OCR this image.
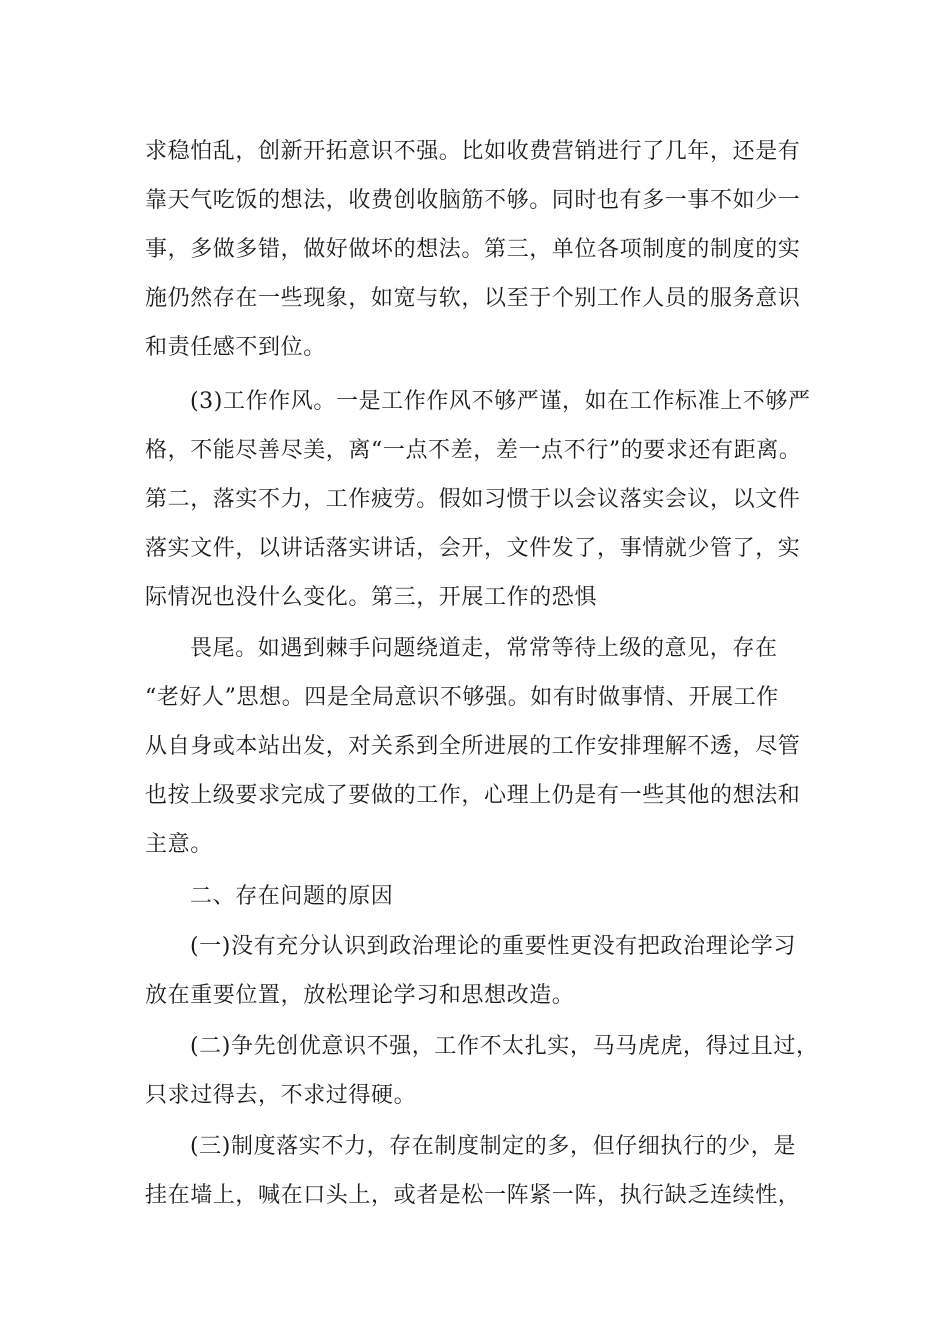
求稳怕乱，创新开拓意识不强。比如收费营销进行了几年，还是有
靠天气吃饭的想法，收费创收脑筋不够。同时也有多一事不如少一
事，多做多错，做好做坏的想法。第三，单位各项制度的制度的实
施仍然存在一些现象，如宽与软，以至于个别工作人员的服务意识
和责任感不到位。
(3)工作作风。一是工作作风不够严谨，如在工作标准上不够严
格，不能尽善尽美，离“一点不差，差一点不行”的要求还有距离。
第二，落实不力，工作疲劳。假如习惯于以会议落实会议，以文件
落实文件，以讲话落实讲话，会开，文件发了，事情就少管了，实
际情况也没什么变化。第三，开展工作的恐惧
畏尾。如遇到棘手问题绕道走，常常等待上级的意见，存在
“老好人”思想。四是全局意识不够强。如有时做事情、开展工作
从自身或本站出发，对关系到全所进展的工作安排理解不透，尽管
也按上级要求完成了要做的工作，心理上仍是有一些其他的想法和
主意。
二、存在问题的原因
(一)没有充分认识到政治理论的重要性更没有把政治理论学习
放在重要位置，放松理论学习和思想改造。
(二)争先创优意识不强，工作不太扎实，马马虎虎，得过且过，
只求过得去，不求过得硬。
(三)制度落实不力，存在制度制定的多，但仔细执行的少，是
挂在墙上，喊在口头上，或者是松一阵紧一阵，执行缺乏连续性，
